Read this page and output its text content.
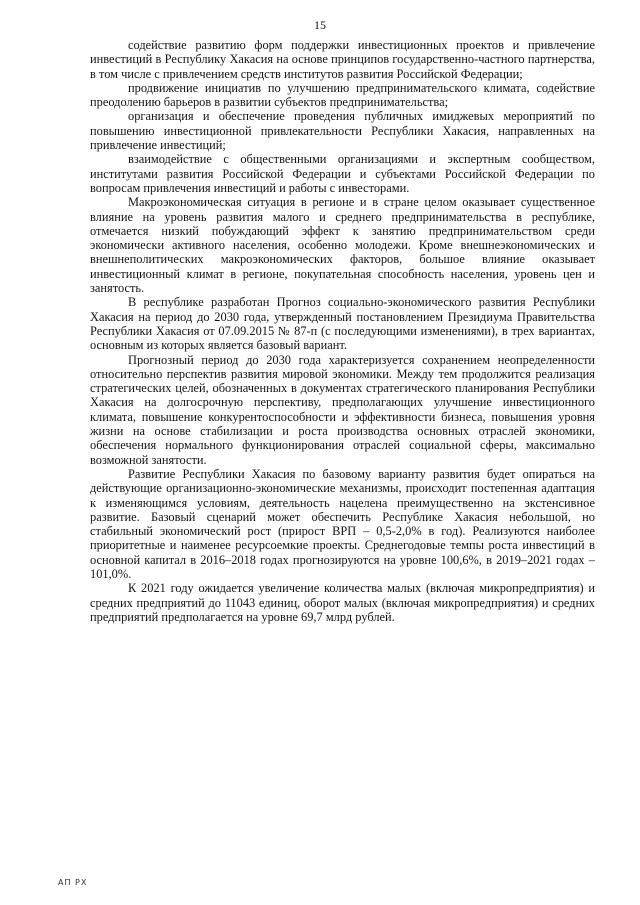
15

содействие развитию форм поддержки инвестиционных проектов и привлечение инвестиций в Республику Хакасия на основе принципов государственно-частного партнерства, в том числе с привлечением средств институтов развития Российской Федерации;

продвижение инициатив по улучшению предпринимательского климата, содействие преодолению барьеров в развитии субъектов предпринимательства;

организация и обеспечение проведения публичных имиджевых мероприятий по повышению инвестиционной привлекательности Республики Хакасия, направленных на привлечение инвестиций;

взаимодействие с общественными организациями и экспертным сообществом, институтами развития Российской Федерации и субъектами Российской Федерации по вопросам привлечения инвестиций и работы с инвесторами.

Макроэкономическая ситуация в регионе и в стране целом оказывает существенное влияние на уровень развития малого и среднего предпринимательства в республике, отмечается низкий побуждающий эффект к занятию предпринимательством среди экономически активного населения, особенно молодежи. Кроме внешнеэкономических и внешнеполитических макроэкономических факторов, большое влияние оказывает инвестиционный климат в регионе, покупательная способность населения, уровень цен и занятость.

В республике разработан Прогноз социально-экономического развития Республики Хакасия на период до 2030 года, утвержденный постановлением Президиума Правительства Республики Хакасия от 07.09.2015 № 87-п (с последующими изменениями), в трех вариантах, основным из которых является базовый вариант.

Прогнозный период до 2030 года характеризуется сохранением неопределенности относительно перспектив развития мировой экономики. Между тем продолжится реализация стратегических целей, обозначенных в документах стратегического планирования Республики Хакасия на долгосрочную перспективу, предполагающих улучшение инвестиционного климата, повышение конкурентоспособности и эффективности бизнеса, повышения уровня жизни на основе стабилизации и роста производства основных отраслей экономики, обеспечения нормального функционирования отраслей социальной сферы, максимально возможной занятости.

Развитие Республики Хакасия по базовому варианту развития будет опираться на действующие организационно-экономические механизмы, происходит постепенная адаптация к изменяющимся условиям, деятельность нацелена преимущественно на экстенсивное развитие. Базовый сценарий может обеспечить Республике Хакасия небольшой, но стабильный экономический рост (прирост ВРП – 0,5-2,0% в год). Реализуются наиболее приоритетные и наименее ресурсоемкие проекты. Среднегодовые темпы роста инвестиций в основной капитал в 2016–2018 годах прогнозируются на уровне 100,6%, в 2019–2021 годах – 101,0%.

К 2021 году ожидается увеличение количества малых (включая микропредприятия) и средних предприятий до 11043 единиц, оборот малых (включая микропредприятия) и средних предприятий предполагается на уровне 69,7 млрд рублей.

АП РХ
